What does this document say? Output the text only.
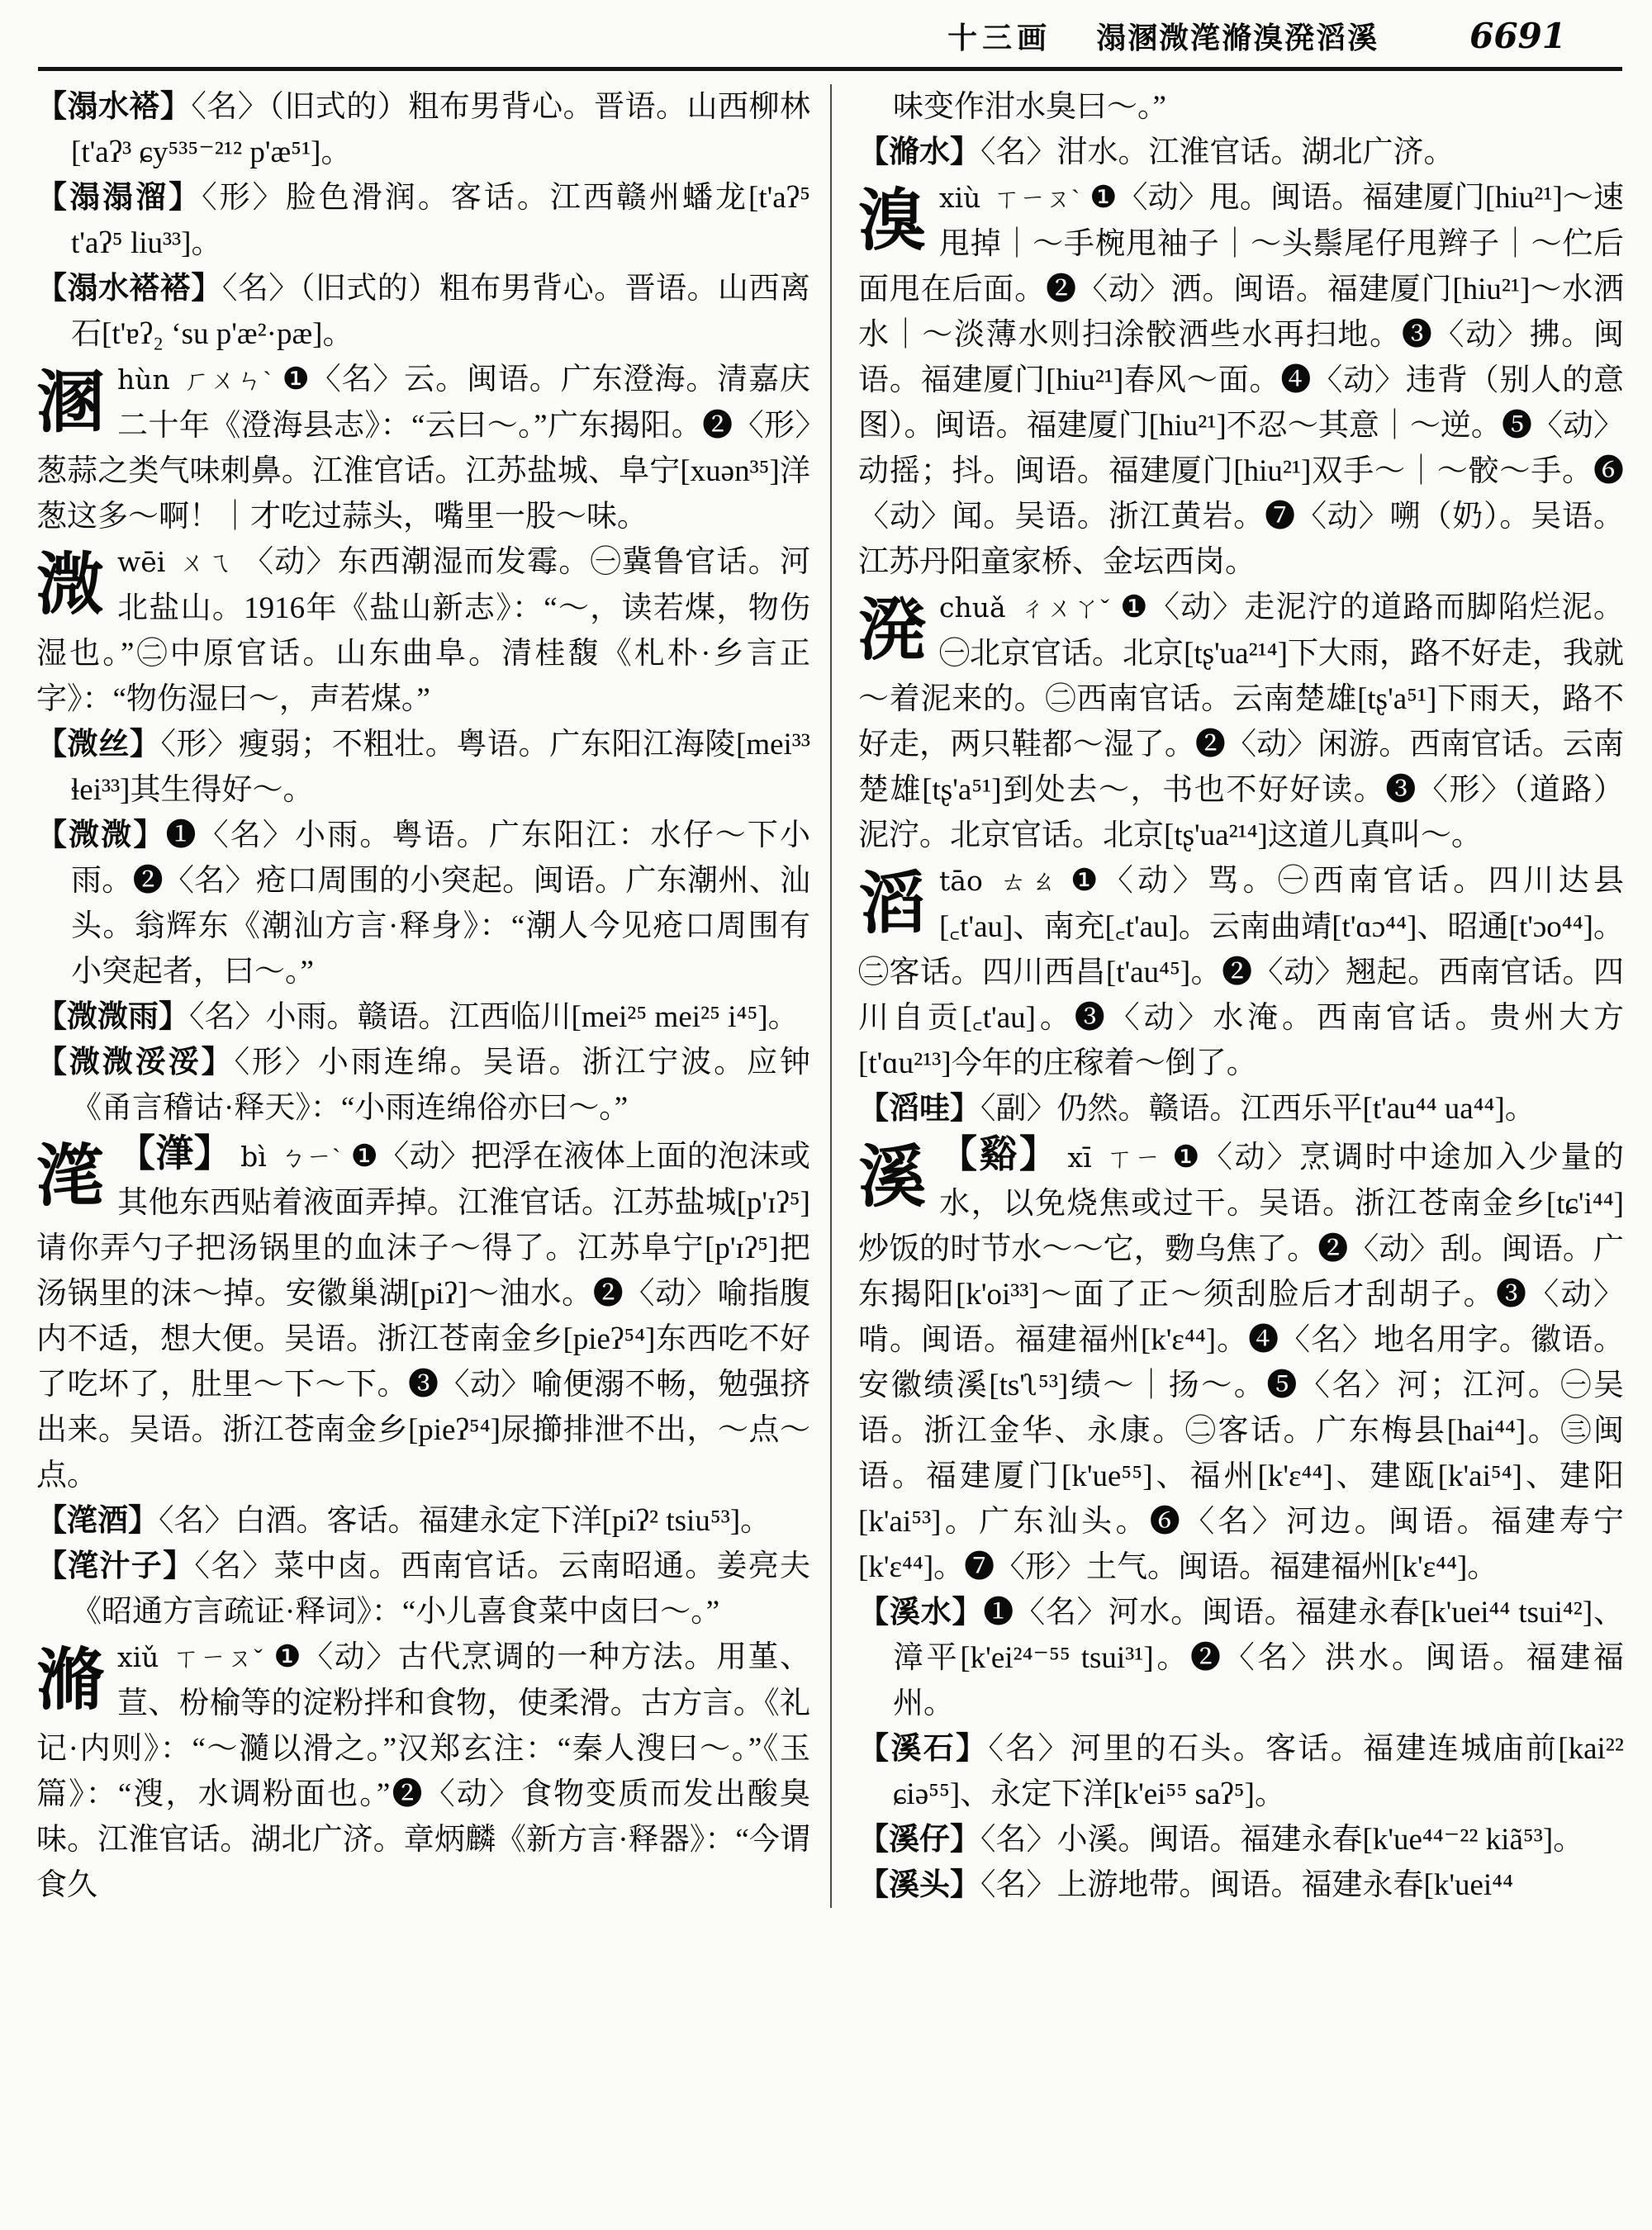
十三画 溻溷溦滗滫溴溌滔溪	6691

【溻水褡】〈名〉（旧式的）粗布男背心。晋语。山西柳林[t'aʔ³ ɕy⁵³⁵⁻²¹² p'æ⁵¹]。

【溻溻溜】〈形〉脸色滑润。客话。江西赣州蟠龙[t'aʔ⁵ t'aʔ⁵ liu³³]。

【溻水褡褡】〈名〉（旧式的）粗布男背心。晋语。山西离石[t'ɐʔ₂ ʻsu p'æ²·pæ]。

溷hùn ㄏㄨㄣˋ ❶〈名〉云。闽语。广东澄海。清嘉庆二十年《澄海县志》：“云曰～。”广东揭阳。❷〈形〉葱蒜之类气味刺鼻。江淮官话。江苏盐城、阜宁[xuən³⁵]洋葱这多～啊！｜才吃过蒜头，嘴里一股～味。
溦wēi ㄨㄟ 〈动〉东西潮湿而发霉。㊀冀鲁官话。河北盐山。1916年《盐山新志》：“～，读若煤，物伤湿也。”㊁中原官话。山东曲阜。清桂馥《札朴·乡言正字》：“物伤湿曰～，声若煤。”

【溦丝】〈形〉瘦弱；不粗壮。粤语。广东阳江海陵[mei³³ ɬei³³]其生得好～。

【溦溦】❶〈名〉小雨。粤语。广东阳江：水仔～下小雨。❷〈名〉疮口周围的小突起。闽语。广东潮州、汕头。翁辉东《潮汕方言·释身》：“潮人今见疮口周围有小突起者，曰～。”

【溦溦雨】〈名〉小雨。赣语。江西临川[mei²⁵ mei²⁵ i⁴⁵]。

【溦溦浽浽】〈形〉小雨连绵。吴语。浙江宁波。应钟《甬言稽诂·释天》：“小雨连绵俗亦曰～。”

滗 【潷】 bì ㄅㄧˋ ❶〈动〉把浮在液体上面的泡沫或其他东西贴着液面弄掉。江淮官话。江苏盐城[p'ɪʔ⁵]请你弄勺子把汤锅里的血沫子～得了。江苏阜宁[p'ɪʔ⁵]把汤锅里的沫～掉。安徽巢湖[piʔ]～油水。❷〈动〉喻指腹内不适，想大便。吴语。浙江苍南金乡[pieʔ⁵⁴]东西吃不好了吃坏了，肚里～下～下。❸〈动〉喻便溺不畅，勉强挤出来。吴语。浙江苍南金乡[pieʔ⁵⁴]尿擳排泄不出，～点～点。

【滗酒】〈名〉白酒。客话。福建永定下洋[piʔ² tsiu⁵³]。

【滗汁子】〈名〉菜中卤。西南官话。云南昭通。姜亮夫《昭通方言疏证·释词》：“小儿喜食菜中卤曰～。”

滫xiǔ ㄒㄧㄡˇ ❶〈动〉古代烹调的一种方法。用堇、荁、枌榆等的淀粉拌和食物，使柔滑。古方言。《礼记·内则》：“～瀡以滑之。”汉郑玄注：“秦人溲曰～。”《玉篇》：“溲，水调粉面也。”❷〈动〉食物变质而发出酸臭味。江淮官话。湖北广济。章炳麟《新方言·释器》：“今谓食久

味变作泔水臭曰～。”

【滫水】〈名〉泔水。江淮官话。湖北广济。

溴xiù ㄒㄧㄡˋ ❶〈动〉甩。闽语。福建厦门[hiu²¹]～速甩掉｜～手椀甩袖子｜～头鬃尾仔甩辫子｜～伫后面甩在后面。❷〈动〉洒。闽语。福建厦门[hiu²¹]～水洒水｜～淡薄水则扫涂骹洒些水再扫地。❸〈动〉拂。闽语。福建厦门[hiu²¹]春风～面。❹〈动〉违背（别人的意图）。闽语。福建厦门[hiu²¹]不忍～其意｜～逆。❺〈动〉动摇；抖。闽语。福建厦门[hiu²¹]双手～｜～骹～手。❻〈动〉闻。吴语。浙江黄岩。❼〈动〉嗍（奶）。吴语。江苏丹阳童家桥、金坛西岗。
溌chuǎ ㄔㄨㄚˇ ❶〈动〉走泥泞的道路而脚陷烂泥。㊀北京官话。北京[tʂ'ua²¹⁴]下大雨，路不好走，我就～着泥来的。㊁西南官话。云南楚雄[tʂ'a⁵¹]下雨天，路不好走，两只鞋都～湿了。❷〈动〉闲游。西南官话。云南楚雄[tʂ'a⁵¹]到处去～，书也不好好读。❸〈形〉（道路）泥泞。北京官话。北京[tʂ'ua²¹⁴]这道儿真叫～。
滔tāo ㄊㄠ ❶〈动〉骂。㊀西南官话。四川达县[꜀t'au]、南充[꜀t'au]。云南曲靖[t'ɑɔ⁴⁴]、昭通[t'ɔo⁴⁴]。㊁客话。四川西昌[t'au⁴⁵]。❷〈动〉翘起。西南官话。四川自贡[꜀t'au]。❸〈动〉水淹。西南官话。贵州大方[t'ɑu²¹³]今年的庄稼着～倒了。

【滔哇】〈副〉仍然。赣语。江西乐平[t'au⁴⁴ ua⁴⁴]。

溪 【谿】 xī ㄒㄧ ❶〈动〉烹调时中途加入少量的水，以免烧焦或过干。吴语。浙江苍南金乡[tɕ'i⁴⁴]炒饭的时节水～～它，覅乌焦了。❷〈动〉刮。闽语。广东揭阳[k'oi³³]～面了正～须刮脸后才刮胡子。❸〈动〉啃。闽语。福建福州[k'ɛ⁴⁴]。❹〈名〉地名用字。徽语。安徽绩溪[ts'ʅ⁵³]绩～｜扬～。❺〈名〉河；江河。㊀吴语。浙江金华、永康。㊁客话。广东梅县[hai⁴⁴]。㊂闽语。福建厦门[k'ue⁵⁵]、福州[k'ɛ⁴⁴]、建瓯[k'ai⁵⁴]、建阳[k'ai⁵³]。广东汕头。❻〈名〉河边。闽语。福建寿宁[k'ɛ⁴⁴]。❼〈形〉土气。闽语。福建福州[k'ɛ⁴⁴]。

【溪水】❶〈名〉河水。闽语。福建永春[k'uei⁴⁴ tsui⁴²]、漳平[k'ei²⁴⁻⁵⁵ tsui³¹]。❷〈名〉洪水。闽语。福建福州。

【溪石】〈名〉河里的石头。客话。福建连城庙前[kai²² ɕiə⁵⁵]、永定下洋[k'ei⁵⁵ saʔ⁵]。

【溪仔】〈名〉小溪。闽语。福建永春[k'ue⁴⁴⁻²² kiã⁵³]。

【溪头】〈名〉上游地带。闽语。福建永春[k'uei⁴⁴
